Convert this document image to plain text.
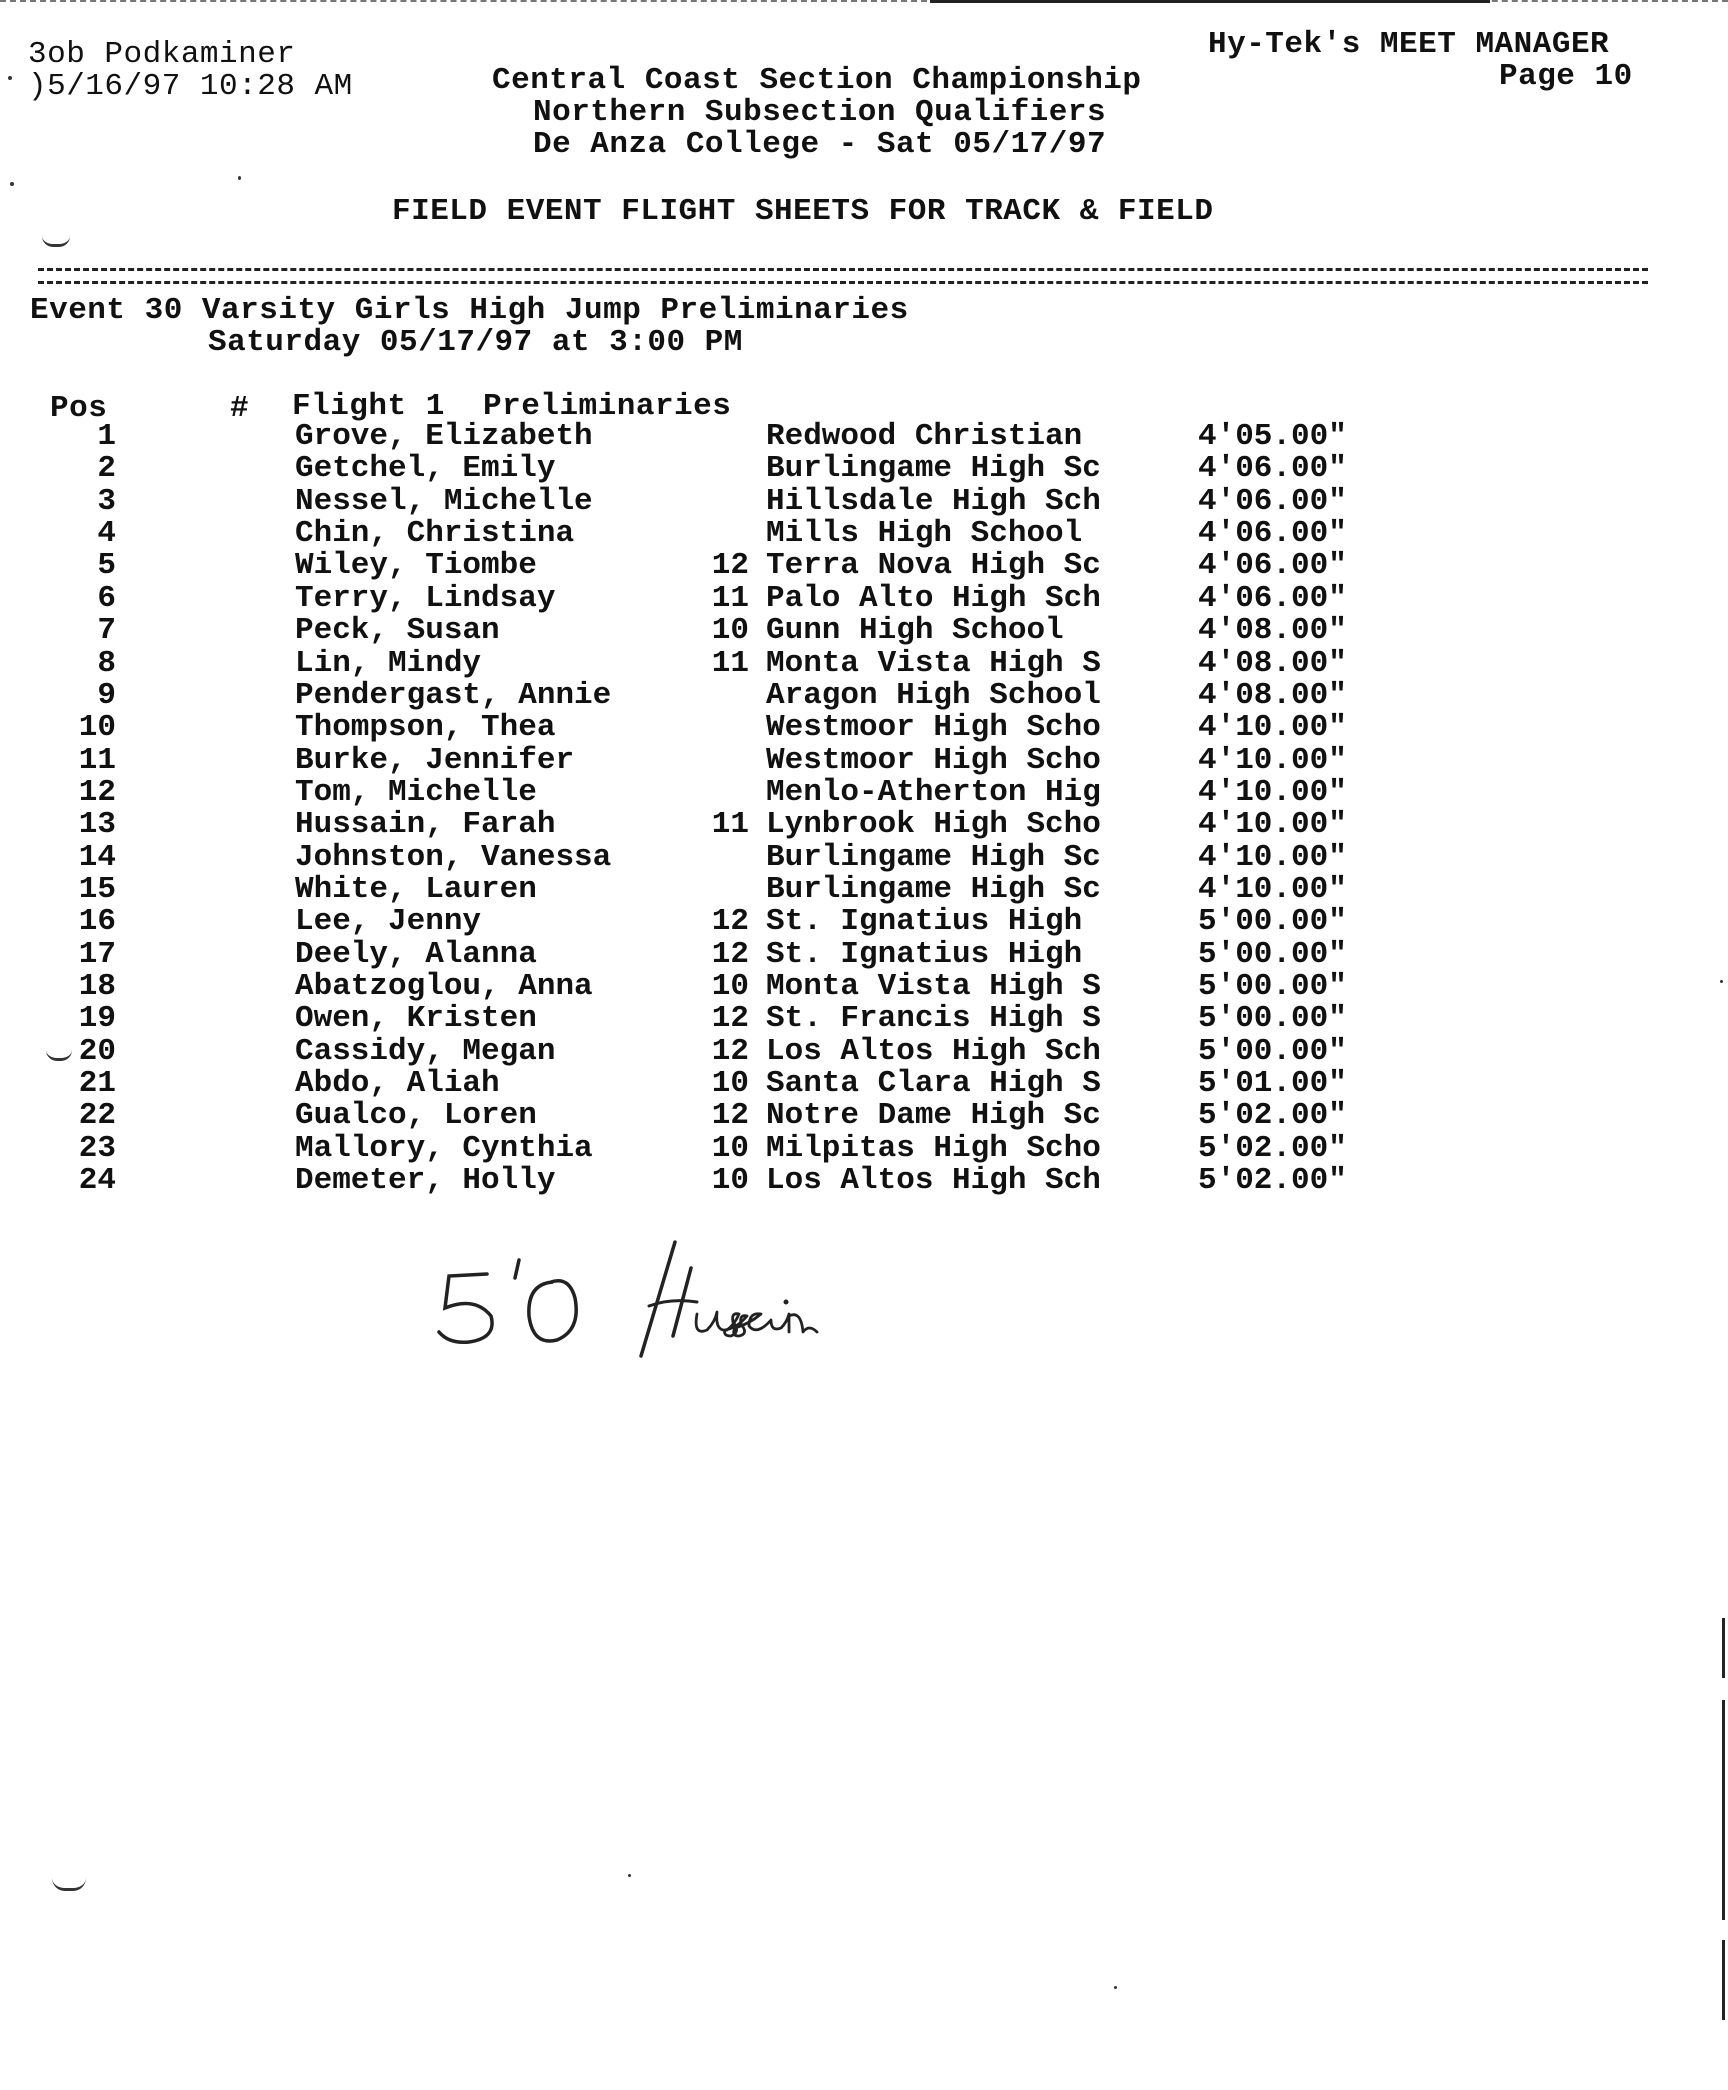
3ob Podkaminer
)5/16/97 10:28 AM
Hy-Tek's MEET MANAGER
Page 10
Central Coast Section Championship
Northern Subsection Qualifiers
De Anza College - Sat 05/17/97
FIELD EVENT FLIGHT SHEETS FOR TRACK & FIELD
Event 30 Varsity Girls High Jump Preliminaries
Saturday 05/17/97 at 3:00 PM
Pos	# Flight 1  Preliminaries
1	Grove, Elizabeth	Redwood Christian	4'05.00"
2	Getchel, Emily	Burlingame High Sc	4'06.00"
3	Nessel, Michelle	Hillsdale High Sch	4'06.00"
4	Chin, Christina	Mills High School	4'06.00"
5	Wiley, Tiombe	12 Terra Nova High Sc	4'06.00"
6	Terry, Lindsay	11 Palo Alto High Sch	4'06.00"
7	Peck, Susan	10 Gunn High School	4'08.00"
8	Lin, Mindy	11 Monta Vista High S	4'08.00"
9	Pendergast, Annie	Aragon High School	4'08.00"
10	Thompson, Thea	Westmoor High Scho	4'10.00"
11	Burke, Jennifer	Westmoor High Scho	4'10.00"
12	Tom, Michelle	Menlo-Atherton Hig	4'10.00"
13	Hussain, Farah	11 Lynbrook High Scho	4'10.00"
14	Johnston, Vanessa	Burlingame High Sc	4'10.00"
15	White, Lauren	Burlingame High Sc	4'10.00"
16	Lee, Jenny	12 St. Ignatius High	5'00.00"
17	Deely, Alanna	12 St. Ignatius High	5'00.00"
18	Abatzoglou, Anna	10 Monta Vista High S	5'00.00"
19	Owen, Kristen	12 St. Francis High S	5'00.00"
20	Cassidy, Megan	12 Los Altos High Sch	5'00.00"
21	Abdo, Aliah	10 Santa Clara High S	5'01.00"
22	Gualco, Loren	12 Notre Dame High Sc	5'02.00"
23	Mallory, Cynthia	10 Milpitas High Scho	5'02.00"
24	Demeter, Holly	10 Los Altos High Sch	5'02.00"
